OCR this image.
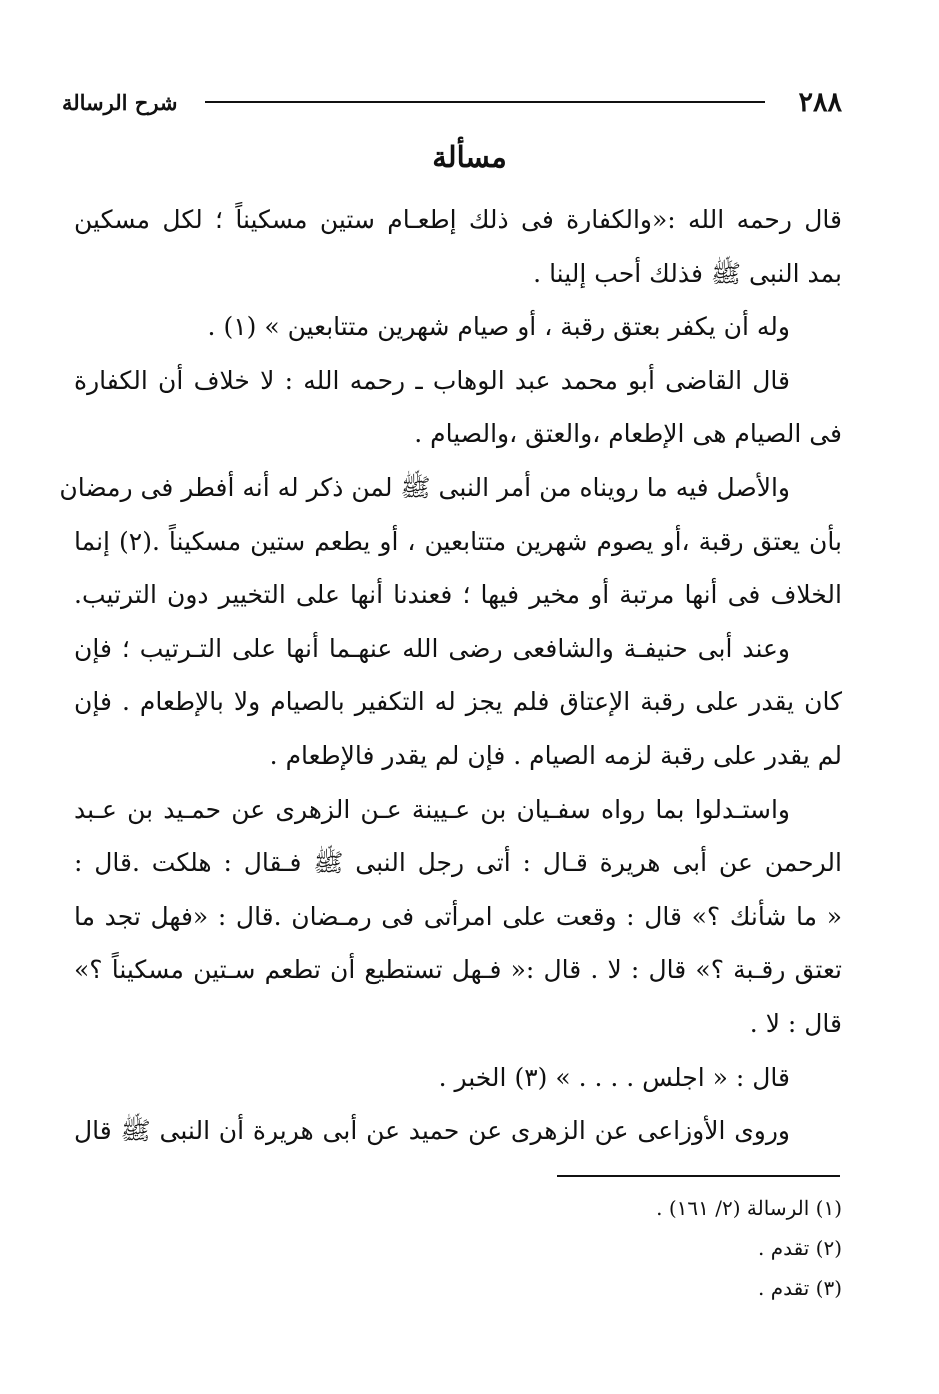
٢٨٨
شرح الرسالة
مسألة
قال رحمه الله :«والكفارة فى ذلك إطعـام ستين مسكيناً ؛ لكل مسكين
بمد النبى ﷺ فذلك أحب إلينا .
وله أن يكفر بعتق رقبة ، أو صيام شهرين متتابعين » (١) .
قال القاضى أبو محمد عبد الوهاب ـ رحمه الله : لا خلاف أن الكفارة
فى الصيام هى الإطعام ،والعتق ،والصيام .
والأصل فيه ما رويناه من أمر النبى ﷺ لمن ذكر له أنه أفطر فى رمضان
بأن يعتق رقبة ،أو يصوم شهرين متتابعين ، أو يطعم ستين مسكيناً .(٢) إنما
الخلاف فى أنها مرتبة أو مخير فيها ؛ فعندنا أنها على التخيير دون الترتيب.
وعند أبى حنيفـة والشافعى رضى الله عنهـما أنها على التـرتيب ؛ فإن
كان يقدر على رقبة الإعتاق فلم يجز له التكفير بالصيام ولا بالإطعام . فإن
لم يقدر على رقبة لزمه الصيام . فإن لم يقدر فالإطعام .
واستـدلوا بما رواه سفـيان بن عـيينة عـن الزهرى عن حمـيد بن عـبد
الرحمن عن أبى هريرة قـال : أتى رجل النبى ﷺ فـقال : هلكت .قال :
« ما شأنك ؟» قال : وقعت على امرأتى فى رمـضان .قال : «فهل تجد ما
تعتق رقـبة ؟» قال : لا . قال :« فـهل تستطيع أن تطعم سـتين مسكيناً ؟»
قال : لا .
قال : « اجلس . . . . » (٣) الخبر .
وروى الأوزاعى عن الزهرى عن حميد عن أبى هريرة أن النبى ﷺ قال
(١) الرسالة (٢/ ١٦١) .
(٢) تقدم .
(٣) تقدم .
